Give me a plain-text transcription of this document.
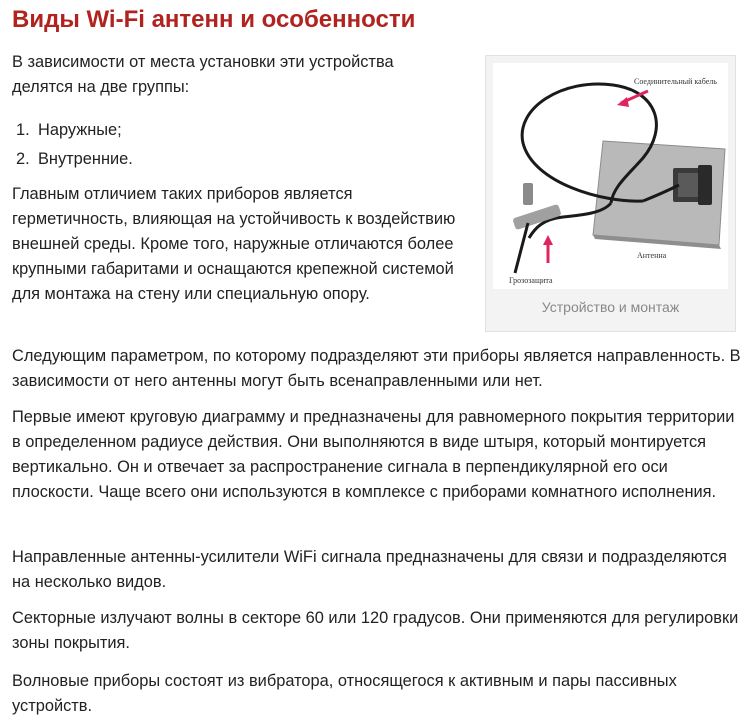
Виды Wi-Fi антенн и особенности

В зависимости от места установки эти устройства делятся на две группы:

1. Наружные;
2. Внутренние.

Главным отличием таких приборов является герметичность, влияющая на устойчивость к воздействию внешней среды. Кроме того, наружные отличаются более крупными габаритами и оснащаются крепежной системой для монтажа на стену или специальную опору.

Соединительный кабель
Антенна
Грозозащита
Устройство и монтаж

Следующим параметром, по которому подразделяют эти приборы является направленность. В зависимости от него антенны могут быть всенаправленными или нет.

Первые имеют круговую диаграмму и предназначены для равномерного покрытия территории в определенном радиусе действия. Они выполняются в виде штыря, который монтируется вертикально. Он и отвечает за распространение сигнала в перпендикулярной его оси плоскости. Чаще всего они используются в комплексе с приборами комнатного исполнения.

Направленные антенны-усилители WiFi сигнала предназначены для связи и подразделяются на несколько видов.

Секторные излучают волны в секторе 60 или 120 градусов. Они применяются для регулировки зоны покрытия.

Волновые приборы состоят из вибратора, относящегося к активным и пары пассивных устройств.
